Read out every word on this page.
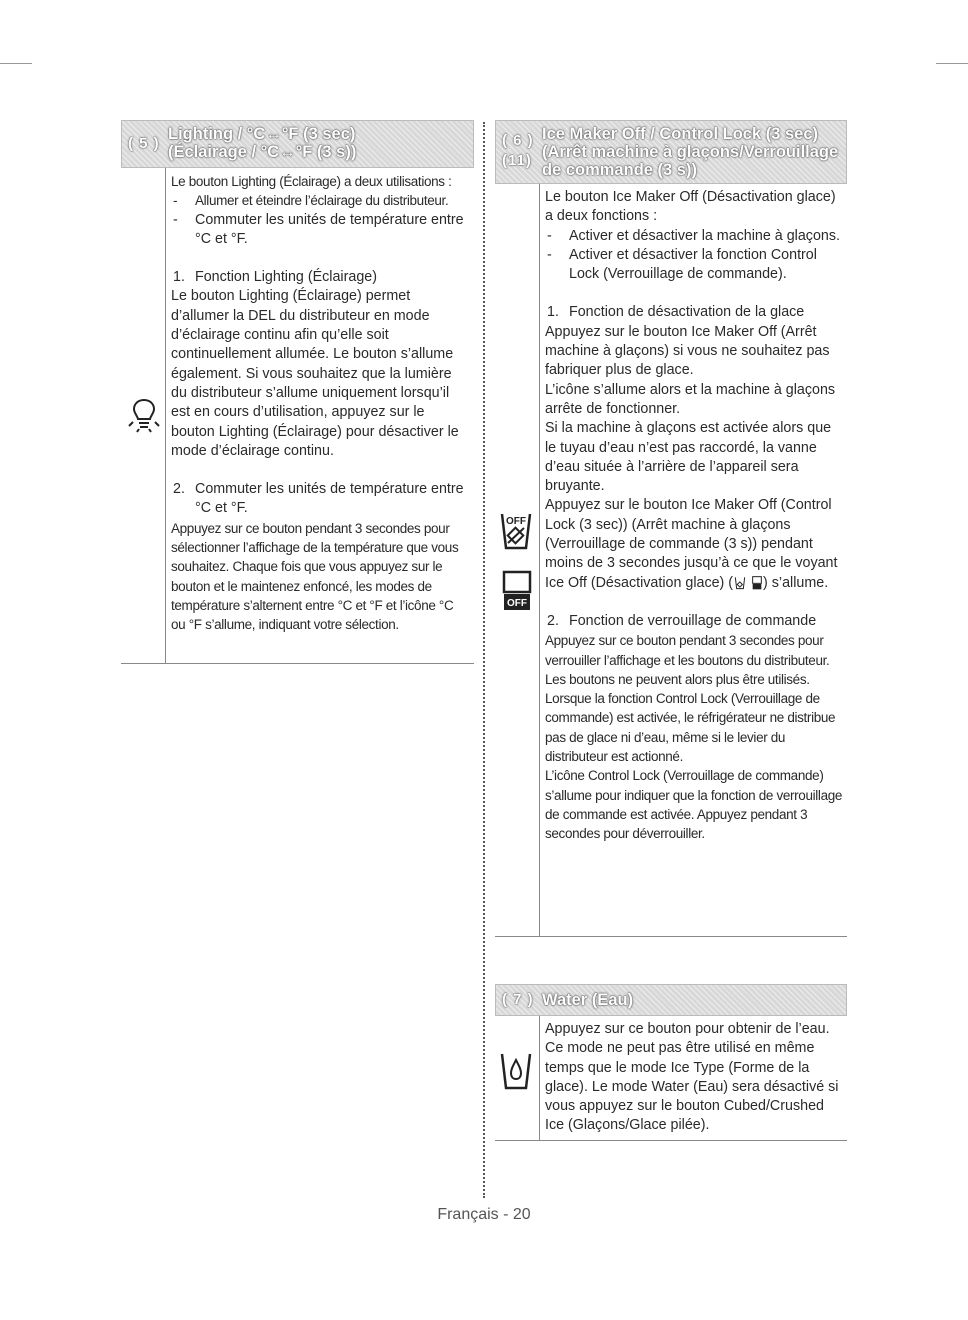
( 5 )
Lighting / °C↔°F (3 sec)
(Éclairage / °C↔°F (3 s))

Le bouton Lighting (Éclairage) a deux utilisations :

-	Allumer et éteindre l’éclairage du distributeur.
-	Commuter les unités de température entre °C et °F.
1. Fonction Lighting (Éclairage)

Le bouton Lighting (Éclairage) permet d’allumer la DEL du distributeur en mode d’éclairage continu afin qu’elle soit continuellement allumée. Le bouton s’allume également. Si vous souhaitez que la lumière du distributeur s’allume uniquement lorsqu’il est en cours d’utilisation, appuyez sur le bouton Lighting (Éclairage) pour désactiver le mode d’éclairage continu.

2. Commuter les unités de température entre °C et °F.

Appuyez sur ce bouton pendant 3 secondes pour sélectionner l’affichage de la température que vous souhaitez. Chaque fois que vous appuyez sur le bouton et le maintenez enfoncé, les modes de température s’alternent entre °C et °F et l’icône °C ou °F s’allume, indiquant votre sélection.

( 6 )
(11)
Ice Maker Off / Control Lock (3 sec)
(Arrêt machine à glaçons/Verrouillage
de commande (3 s))
OFF
OFF

Le bouton Ice Maker Off (Désactivation glace) a deux fonctions :

-	Activer et désactiver la machine à glaçons.
-	Activer et désactiver la fonction Control Lock (Verrouillage de commande).
1. Fonction de désactivation de la glace

Appuyez sur le bouton Ice Maker Off (Arrêt machine à glaçons) si vous ne souhaitez pas fabriquer plus de glace.

L’icône s’allume alors et la machine à glaçons arrête de fonctionner.

Si la machine à glaçons est activée alors que le tuyau d’eau n’est pas raccordé, la vanne d’eau située à l’arrière de l’appareil sera bruyante.

Appuyez sur le bouton Ice Maker Off (Control Lock (3 sec)) (Arrêt machine à glaçons (Verrouillage de commande (3 s)) pendant moins de 3 secondes jusqu’à ce que le voyant Ice Off (Désactivation glace) ( ) s’allume.

2. Fonction de verrouillage de commande

Appuyez sur ce bouton pendant 3 secondes pour verrouiller l’affichage et les boutons du distributeur. Les boutons ne peuvent alors plus être utilisés.

Lorsque la fonction Control Lock (Verrouillage de commande) est activée, le réfrigérateur ne distribue pas de glace ni d’eau, même si le levier du distributeur est actionné.

L’icône Control Lock (Verrouillage de commande) s’allume pour indiquer que la fonction de verrouillage de commande est activée. Appuyez pendant 3 secondes pour déverrouiller.

( 7 ) Water (Eau)

Appuyez sur ce bouton pour obtenir de l’eau. Ce mode ne peut pas être utilisé en même temps que le mode Ice Type (Forme de la glace). Le mode Water (Eau) sera désactivé si vous appuyez sur le bouton Cubed/Crushed Ice (Glaçons/Glace pilée).

Français - 20
